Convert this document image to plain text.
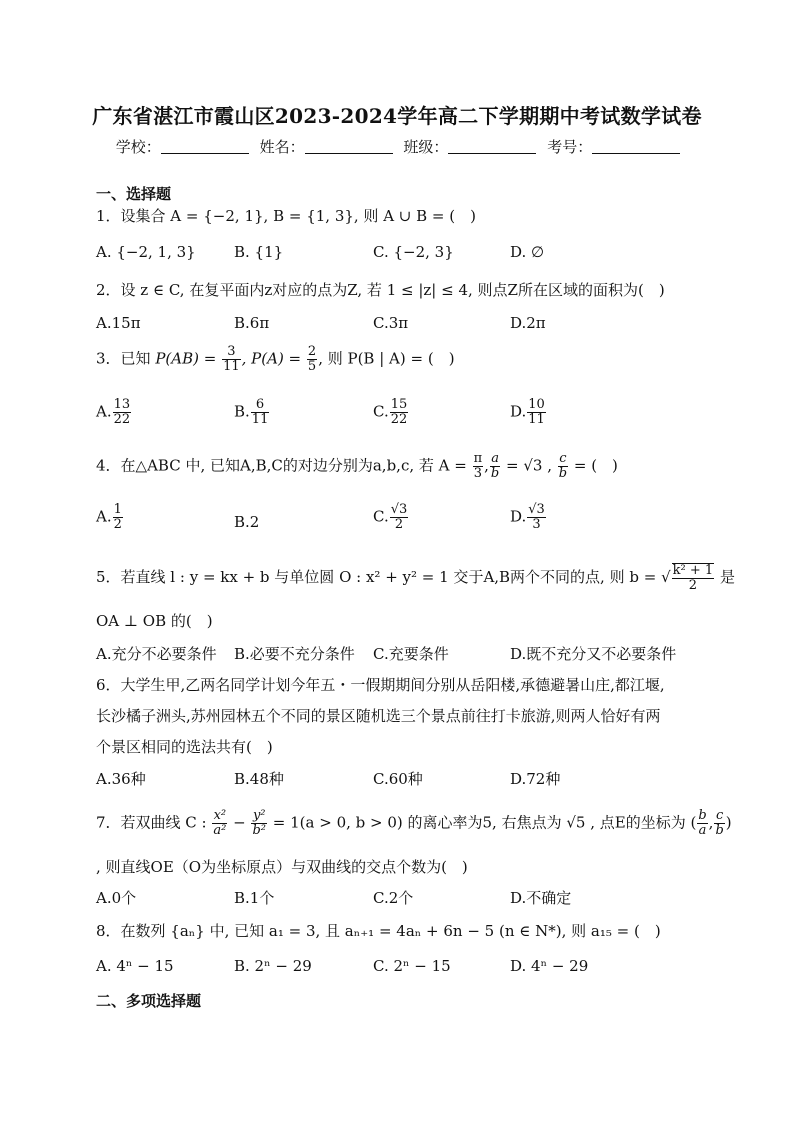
广东省湛江市霞山区2023-2024学年高二下学期期中考试数学试卷
学校：	姓名：	班级：	考号：
一、选择题
1．设集合 A = {−2, 1}, B = {1, 3}, 则 A ∪ B = (　)
A. {−2, 1, 3}	B. {1}	C. {−2, 3}	D. ∅
2．设 z ∈ C, 在复平面内z对应的点为Z, 若 1 ≤ |z| ≤ 4, 则点Z所在区域的面积为(　)
A.15π	B.6π	C.3π	D.2π
3．已知 $P(AB) = \frac{3}{11}$ , $P(A) = \frac{2}{5}$ , 则 P(B | A) = (　)
A. $\frac{13}{22}$	B. $\frac{6}{11}$	C. $\frac{15}{22}$	D. $\frac{10}{11}$
4．在△ABC 中, 已知A,B,C的对边分别为a,b,c, 若 $A = \frac{\pi}{3}$ , $\frac{a}{b} = √3$ , $\frac{c}{b}$ = (　)
A. $\frac{1}{2}$	B.2	C. $\frac{√3}{2}$	D. $\frac{√3}{3}$
5．若直线 l : y = kx + b 与单位圆 O : x² + y² = 1 交于A,B两个不同的点, 则 b = √ $\frac{\text{k² + 1}}{2}$ 是
OA ⊥ OB 的(　)
A.充分不必要条件 B.必要不充分条件 C.充要条件	D.既不充分又不必要条件
6．大学生甲,乙两名同学计划今年五・一假期期间分别从岳阳楼,承德避暑山庄,都江堰,
长沙橘子洲头,苏州园林五个不同的景区随机选三个景点前往打卡旅游,则两人恰好有两
个景区相同的选法共有(　)
A.36种	B.48种	C.60种	D.72种
7．若双曲线 C : $\frac{\text{x²}}{\text{a²}} - \frac{\text{y²}}{\text{b²}} = 1(a > 0$, b > 0) 的离心率为5, 右焦点为 √5 , 点E的坐标为 ( $\frac{b}{a}$ , $\frac{c}{b}$ )
, 则直线OE（O为坐标原点）与双曲线的交点个数为(　)
A.0个	B.1个	C.2个	D.不确定
8．在数列 {aₙ} 中, 已知 a₁ = 3, 且 aₙ₊₁ = 4aₙ + 6n − 5 (n ∈ N*), 则 a₁₅ = (　)
A. 4ⁿ − 15	B. 2ⁿ − 29	C. 2ⁿ − 15	D. 4ⁿ − 29
二、多项选择题
